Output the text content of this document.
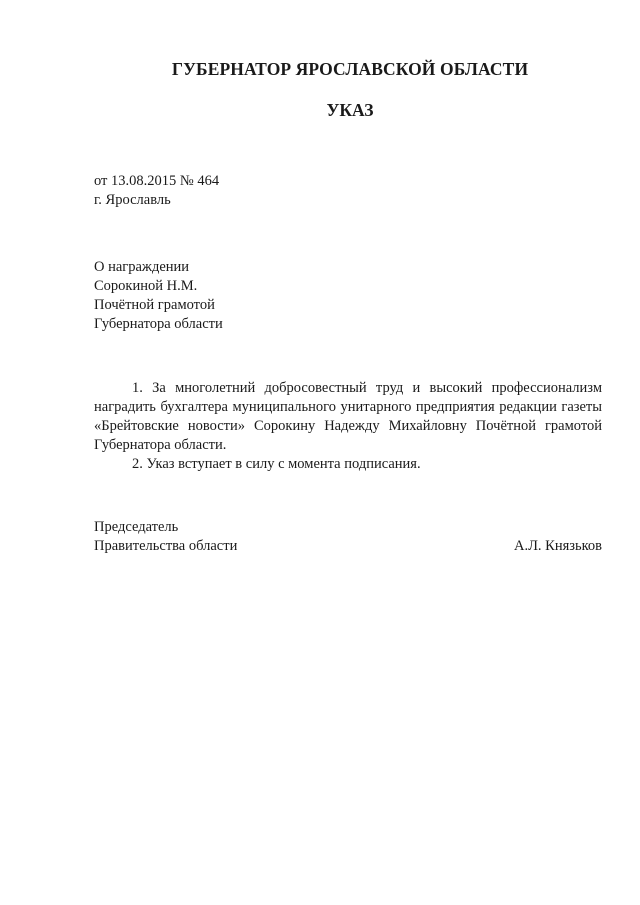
ГУБЕРНАТОР ЯРОСЛАВСКОЙ ОБЛАСТИ
УКАЗ
от 13.08.2015 № 464
г. Ярославль
О награждении
Сорокиной Н.М.
Почётной грамотой
Губернатора области

1. За многолетний добросовестный труд и высокий профессионализм наградить бухгалтера муниципального унитарного предприятия редакции газеты «Брейтовские новости» Сорокину Надежду Михайловну Почётной грамотой Губернатора области.

2. Указ вступает в силу с момента подписания.

Председатель
Правительства области	А.Л. Князьков
